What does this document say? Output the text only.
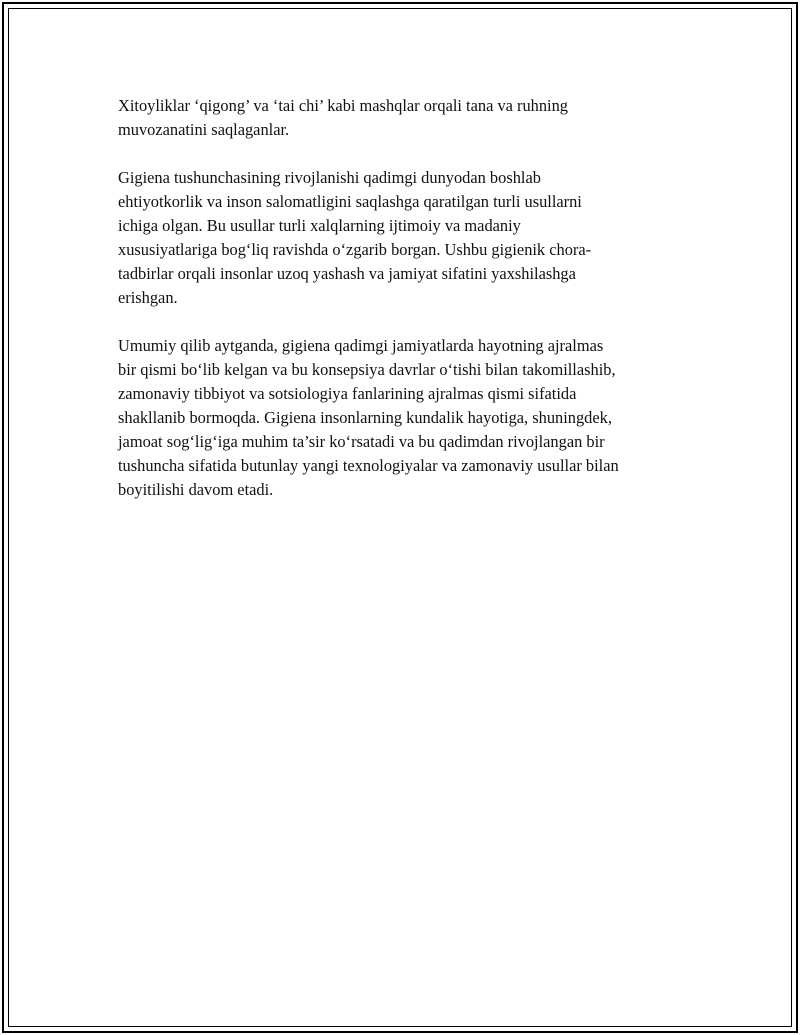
Xitoyliklar ‘qigong’ va ‘tai chi’ kabi mashqlar orqali tana va ruhning
muvozanatini saqlaganlar.

Gigiena tushunchasining rivojlanishi qadimgi dunyodan boshlab
ehtiyotkorlik va inson salomatligini saqlashga qaratilgan turli usullarni
ichiga olgan. Bu usullar turli xalqlarning ijtimoiy va madaniy
xususiyatlariga bog‘liq ravishda o‘zgarib borgan. Ushbu gigienik chora-
tadbirlar orqali insonlar uzoq yashash va jamiyat sifatini yaxshilashga
erishgan.

Umumiy qilib aytganda, gigiena qadimgi jamiyatlarda hayotning ajralmas
bir qismi bo‘lib kelgan va bu konsepsiya davrlar o‘tishi bilan takomillashib,
zamonaviy tibbiyot va sotsiologiya fanlarining ajralmas qismi sifatida
shakllanib bormoqda. Gigiena insonlarning kundalik hayotiga, shuningdek,
jamoat sog‘lig‘iga muhim ta’sir ko‘rsatadi va bu qadimdan rivojlangan bir
tushuncha sifatida butunlay yangi texnologiyalar va zamonaviy usullar bilan
boyitilishi davom etadi.
